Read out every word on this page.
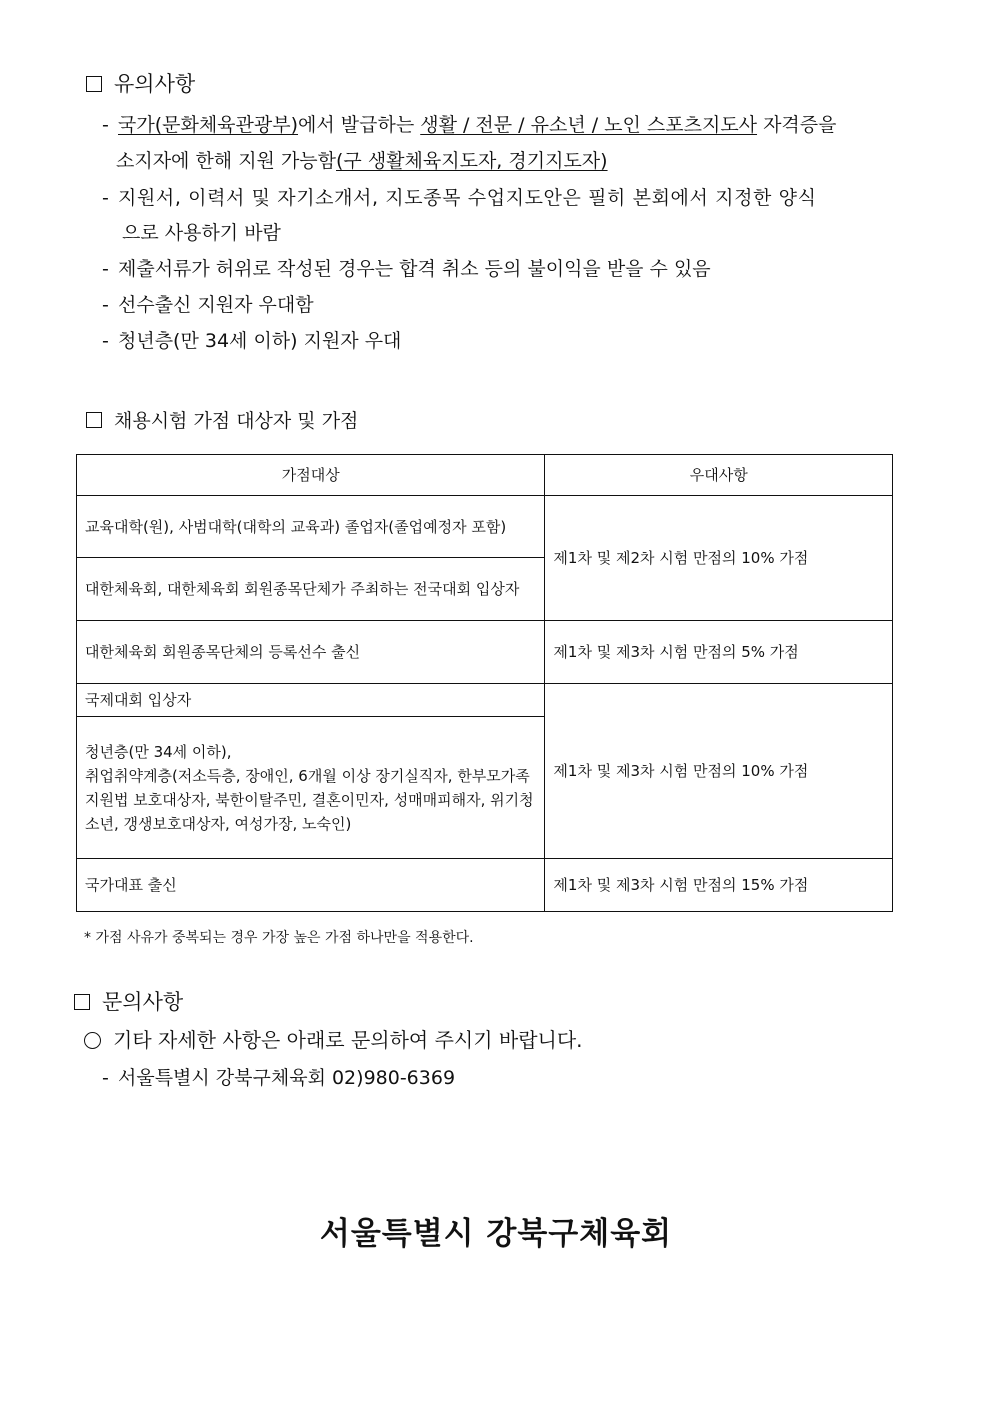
유의사항
- 국가(문화체육관광부)에서 발급하는 생활 / 전문 / 유소년 / 노인 스포츠지도사 자격증을
소지자에 한해 지원 가능함(구 생활체육지도자, 경기지도자)
- 지원서, 이력서 및 자기소개서, 지도종목 수업지도안은 필히 본회에서 지정한 양식
으로 사용하기 바람
- 제출서류가 허위로 작성된 경우는 합격 취소 등의 불이익을 받을 수 있음
- 선수출신 지원자 우대함
- 청년층(만 34세 이하) 지원자 우대
채용시험 가점 대상자 및 가점
가점대상	우대사항
교육대학(원), 사범대학(대학의 교육과) 졸업자(졸업예정자 포함)	제1차 및 제2차 시험 만점의 10% 가점
대한체육회, 대한체육회 회원종목단체가 주최하는 전국대회 입상자	
대한체육회 회원종목단체의 등록선수 출신	제1차 및 제3차 시험 만점의 5% 가점
국제대회 입상자	제1차 및 제3차 시험 만점의 10% 가점

청년층(만 34세 이하),
취업취약계층(저소득층, 장애인, 6개월 이상 장기실직자, 한부모가족 지원법 보호대상자, 북한이탈주민, 결혼이민자, 성매매피해자, 위기청소년, 갱생보호대상자, 여성가장, 노숙인)	

국가대표 출신	제1차 및 제3차 시험 만점의 15% 가점
* 가점 사유가 중복되는 경우 가장 높은 가점 하나만을 적용한다.
문의사항
기타 자세한 사항은 아래로 문의하여 주시기 바랍니다.
- 서울특별시 강북구체육회 02)980-6369
서울특별시 강북구체육회
